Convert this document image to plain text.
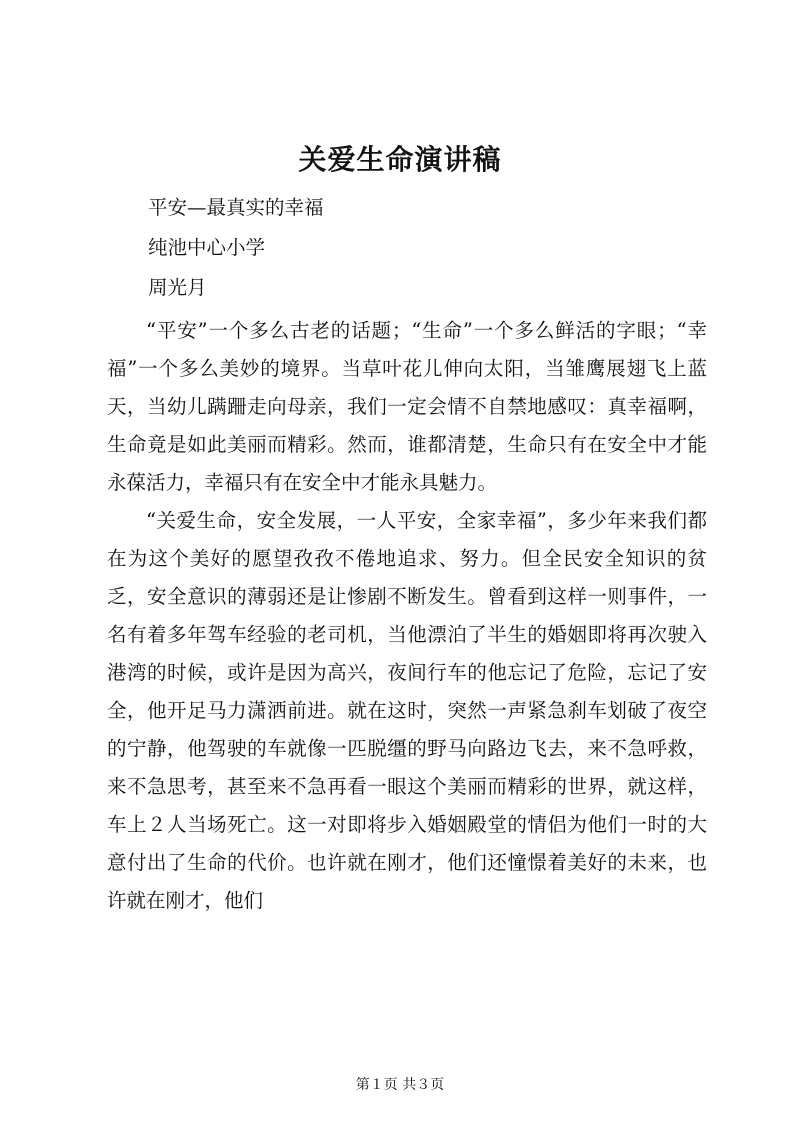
关爱生命演讲稿
平安—最真实的幸福
纯池中心小学
周光月

“平安”一个多么古老的话题；“生命”一个多么鲜活的字眼；“幸福”一个多么美妙的境界。当草叶花儿伸向太阳，当雏鹰展翅飞上蓝天，当幼儿蹒跚走向母亲，我们一定会情不自禁地感叹：真幸福啊，生命竟是如此美丽而精彩。然而，谁都清楚，生命只有在安全中才能永葆活力，幸福只有在安全中才能永具魅力。

“关爱生命，安全发展，一人平安，全家幸福”，多少年来我们都在为这个美好的愿望孜孜不倦地追求、努力。但全民安全知识的贫乏，安全意识的薄弱还是让惨剧不断发生。曾看到这样一则事件，一名有着多年驾车经验的老司机，当他漂泊了半生的婚姻即将再次驶入港湾的时候，或许是因为高兴，夜间行车的他忘记了危险，忘记了安全，他开足马力潇洒前进。就在这时，突然一声紧急刹车划破了夜空的宁静，他驾驶的车就像一匹脱缰的野马向路边飞去，来不急呼救，来不急思考，甚至来不急再看一眼这个美丽而精彩的世界，就这样，车上２人当场死亡。这一对即将步入婚姻殿堂的情侣为他们一时的大意付出了生命的代价。也许就在刚才，他们还憧憬着美好的未来，也许就在刚才，他们

第１页 共３页
